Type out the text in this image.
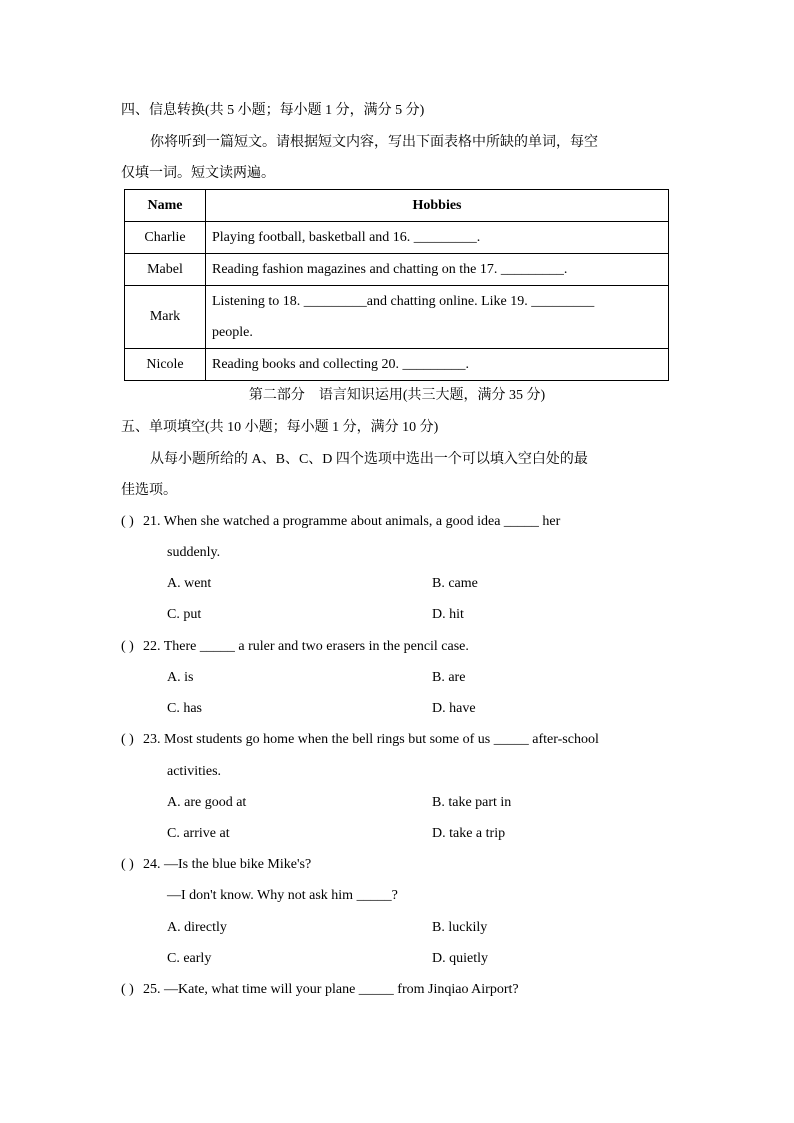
四、信息转换(共 5 小题；每小题 1 分，满分 5 分)
你将听到一篇短文。请根据短文内容，写出下面表格中所缺的单词，每空
仅填一词。短文读两遍。
Name	Hobbies
Charlie	Playing football, basketball and 16. _________.
Mabel	Reading fashion magazines and chatting on the 17. _________.
Mark	Listening to 18. _________and chatting online. Like 19. _________
people.

Nicole	Reading books and collecting 20. _________.
第二部分　语言知识运用(共三大题，满分 35 分)
五、单项填空(共 10 小题；每小题 1 分，满分 10 分)
从每小题所给的 A、B、C、D 四个选项中选出一个可以填入空白处的最
佳选项。
( ) 21. When she watched a programme about animals, a good idea _____ her
suddenly.
A. went	B. came
C. put	D. hit
( ) 22. There _____ a ruler and two erasers in the pencil case.
A. is	B. are
C. has	D. have
( ) 23. Most students go home when the bell rings but some of us _____ after-school
activities.
A. are good at	B. take part in
C. arrive at	D. take a trip
( ) 24. —Is the blue bike Mike's?
—I don't know. Why not ask him _____?
A. directly	B. luckily
C. early	D. quietly
( ) 25. —Kate, what time will your plane _____ from Jinqiao Airport?
